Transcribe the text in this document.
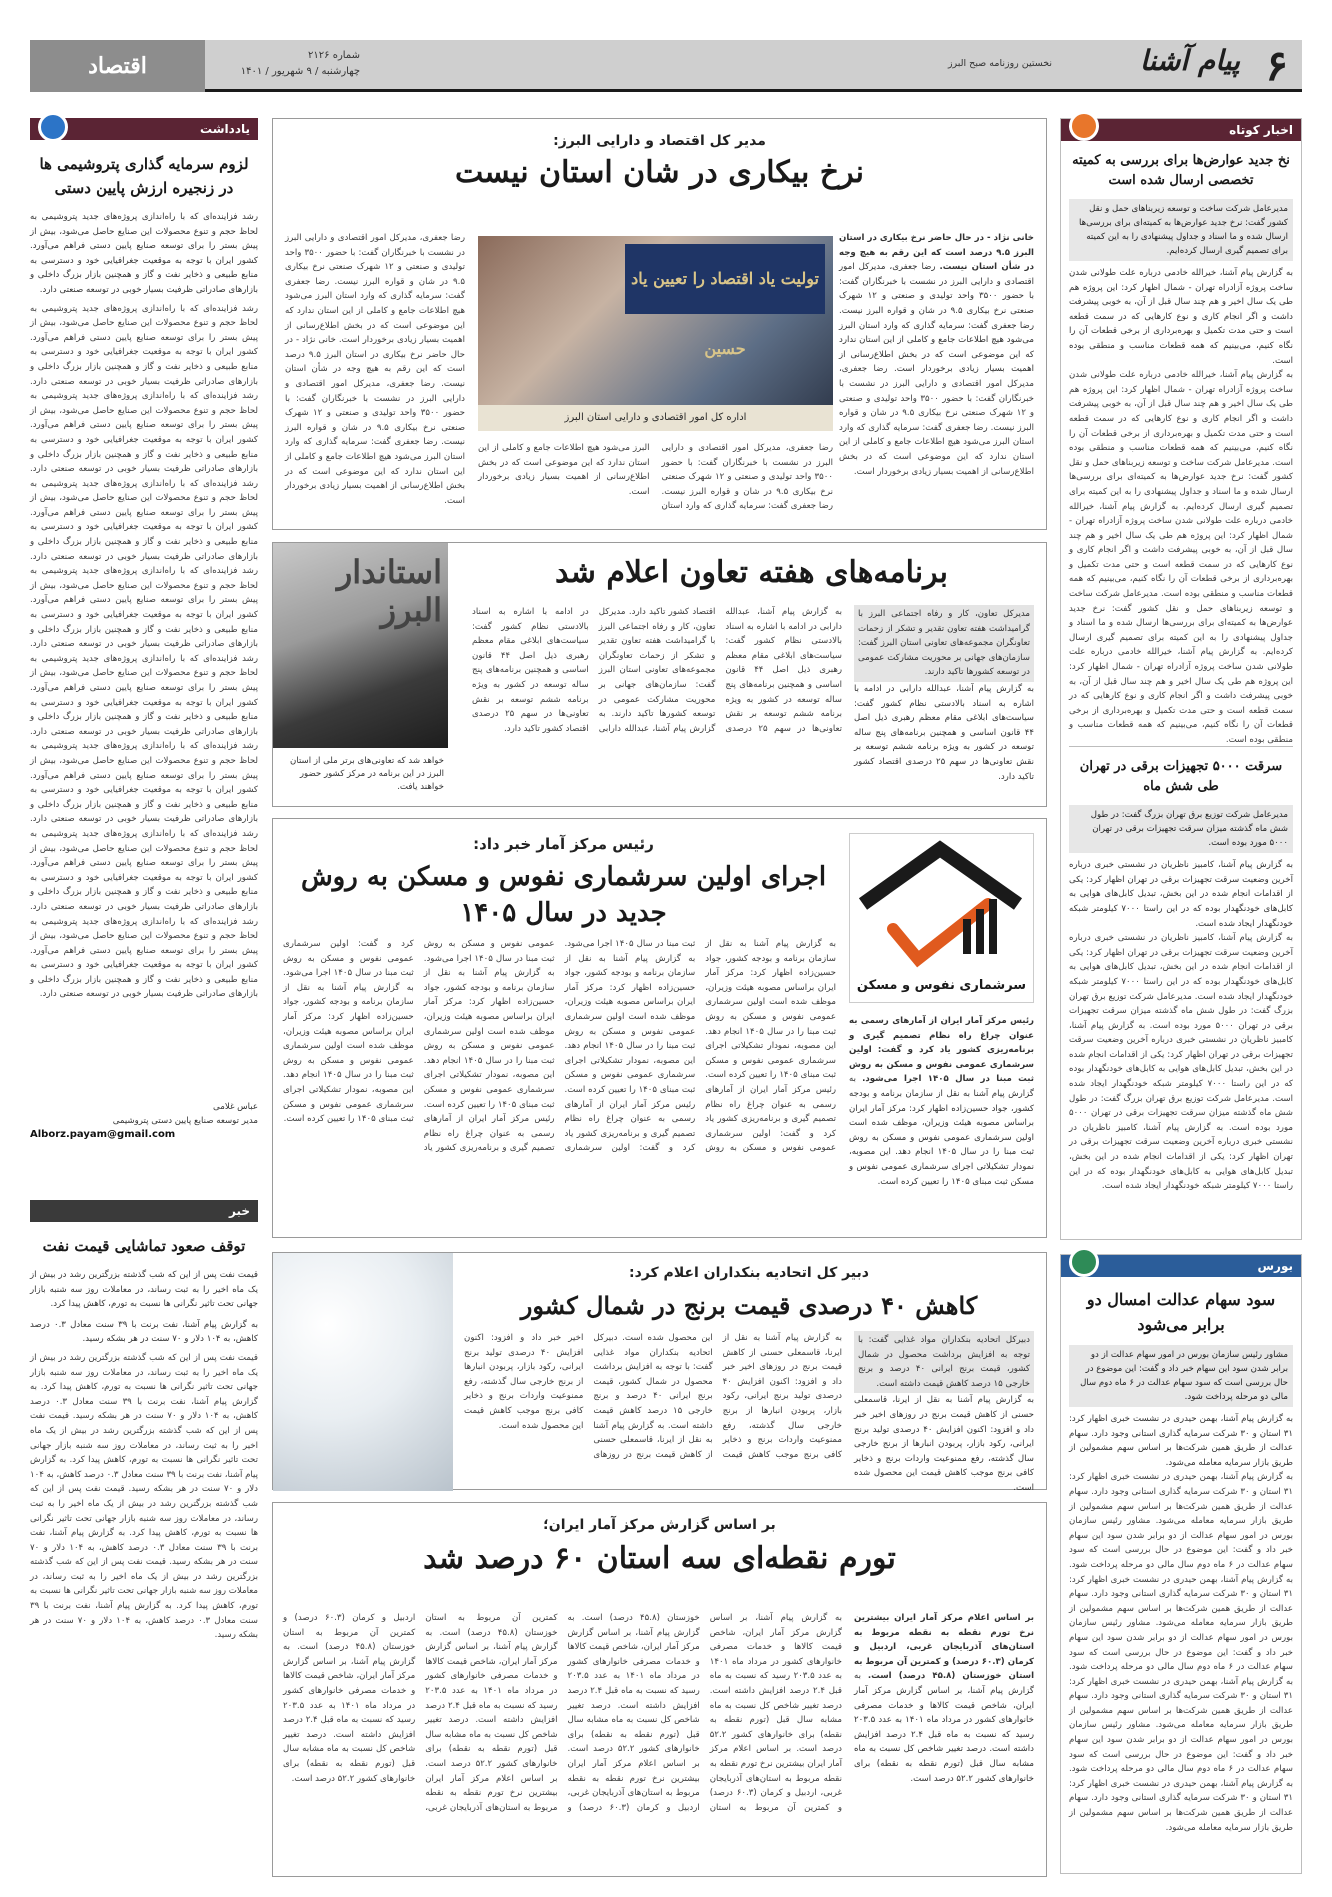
۶
پیام آشنا
نخستین روزنامه صبح البرز
شماره ۲۱۲۶
چهارشنبه / ۹ شهریور / ۱۴۰۱
اقتصاد
یادداشت
لزوم سرمایه گذاری پتروشیمی ها در زنجیره ارزش پایین دستی
رشد فزاینده‌ای که با راه‌اندازی پروژه‌های جدید پتروشیمی به لحاظ حجم و تنوع محصولات این صنایع حاصل می‌شود، بیش از پیش بستر را برای توسعه صنایع پایین دستی فراهم می‌آورد. کشور ایران با توجه به موقعیت جغرافیایی خود و دسترسی به منابع طبیعی و ذخایر نفت و گاز و همچنین بازار بزرگ داخلی و بازارهای صادراتی ظرفیت بسیار خوبی در توسعه صنعتی دارد.
رشد فزاینده‌ای که با راه‌اندازی پروژه‌های جدید پتروشیمی به لحاظ حجم و تنوع محصولات این صنایع حاصل می‌شود، بیش از پیش بستر را برای توسعه صنایع پایین دستی فراهم می‌آورد. کشور ایران با توجه به موقعیت جغرافیایی خود و دسترسی به منابع طبیعی و ذخایر نفت و گاز و همچنین بازار بزرگ داخلی و بازارهای صادراتی ظرفیت بسیار خوبی در توسعه صنعتی دارد. رشد فزاینده‌ای که با راه‌اندازی پروژه‌های جدید پتروشیمی به لحاظ حجم و تنوع محصولات این صنایع حاصل می‌شود، بیش از پیش بستر را برای توسعه صنایع پایین دستی فراهم می‌آورد. کشور ایران با توجه به موقعیت جغرافیایی خود و دسترسی به منابع طبیعی و ذخایر نفت و گاز و همچنین بازار بزرگ داخلی و بازارهای صادراتی ظرفیت بسیار خوبی در توسعه صنعتی دارد. رشد فزاینده‌ای که با راه‌اندازی پروژه‌های جدید پتروشیمی به لحاظ حجم و تنوع محصولات این صنایع حاصل می‌شود، بیش از پیش بستر را برای توسعه صنایع پایین دستی فراهم می‌آورد. کشور ایران با توجه به موقعیت جغرافیایی خود و دسترسی به منابع طبیعی و ذخایر نفت و گاز و همچنین بازار بزرگ داخلی و بازارهای صادراتی ظرفیت بسیار خوبی در توسعه صنعتی دارد. رشد فزاینده‌ای که با راه‌اندازی پروژه‌های جدید پتروشیمی به لحاظ حجم و تنوع محصولات این صنایع حاصل می‌شود، بیش از پیش بستر را برای توسعه صنایع پایین دستی فراهم می‌آورد. کشور ایران با توجه به موقعیت جغرافیایی خود و دسترسی به منابع طبیعی و ذخایر نفت و گاز و همچنین بازار بزرگ داخلی و بازارهای صادراتی ظرفیت بسیار خوبی در توسعه صنعتی دارد. رشد فزاینده‌ای که با راه‌اندازی پروژه‌های جدید پتروشیمی به لحاظ حجم و تنوع محصولات این صنایع حاصل می‌شود، بیش از پیش بستر را برای توسعه صنایع پایین دستی فراهم می‌آورد. کشور ایران با توجه به موقعیت جغرافیایی خود و دسترسی به منابع طبیعی و ذخایر نفت و گاز و همچنین بازار بزرگ داخلی و بازارهای صادراتی ظرفیت بسیار خوبی در توسعه صنعتی دارد. رشد فزاینده‌ای که با راه‌اندازی پروژه‌های جدید پتروشیمی به لحاظ حجم و تنوع محصولات این صنایع حاصل می‌شود، بیش از پیش بستر را برای توسعه صنایع پایین دستی فراهم می‌آورد. کشور ایران با توجه به موقعیت جغرافیایی خود و دسترسی به منابع طبیعی و ذخایر نفت و گاز و همچنین بازار بزرگ داخلی و بازارهای صادراتی ظرفیت بسیار خوبی در توسعه صنعتی دارد. رشد فزاینده‌ای که با راه‌اندازی پروژه‌های جدید پتروشیمی به لحاظ حجم و تنوع محصولات این صنایع حاصل می‌شود، بیش از پیش بستر را برای توسعه صنایع پایین دستی فراهم می‌آورد. کشور ایران با توجه به موقعیت جغرافیایی خود و دسترسی به منابع طبیعی و ذخایر نفت و گاز و همچنین بازار بزرگ داخلی و بازارهای صادراتی ظرفیت بسیار خوبی در توسعه صنعتی دارد. رشد فزاینده‌ای که با راه‌اندازی پروژه‌های جدید پتروشیمی به لحاظ حجم و تنوع محصولات این صنایع حاصل می‌شود، بیش از پیش بستر را برای توسعه صنایع پایین دستی فراهم می‌آورد. کشور ایران با توجه به موقعیت جغرافیایی خود و دسترسی به منابع طبیعی و ذخایر نفت و گاز و همچنین بازار بزرگ داخلی و بازارهای صادراتی ظرفیت بسیار خوبی در توسعه صنعتی دارد.
عباس غلامی
مدیر توسعه صنایع پایین دستی پتروشیمی
Alborz.payam@gmail.com
خبر
توقف صعود تماشایی قیمت نفت
قیمت نفت پس از این که شب گذشته بزرگترین رشد در بیش از یک ماه اخیر را به ثبت رساند، در معاملات روز سه شنبه بازار جهانی تحت تاثیر نگرانی ها نسبت به تورم، کاهش پیدا کرد.
به گزارش پیام آشنا، نفت برنت با ۳۹ سنت معادل ۰.۳ درصد کاهش، به ۱۰۴ دلار و ۷۰ سنت در هر بشکه رسید.
قیمت نفت پس از این که شب گذشته بزرگترین رشد در بیش از یک ماه اخیر را به ثبت رساند، در معاملات روز سه شنبه بازار جهانی تحت تاثیر نگرانی ها نسبت به تورم، کاهش پیدا کرد. به گزارش پیام آشنا، نفت برنت با ۳۹ سنت معادل ۰.۳ درصد کاهش، به ۱۰۴ دلار و ۷۰ سنت در هر بشکه رسید. قیمت نفت پس از این که شب گذشته بزرگترین رشد در بیش از یک ماه اخیر را به ثبت رساند، در معاملات روز سه شنبه بازار جهانی تحت تاثیر نگرانی ها نسبت به تورم، کاهش پیدا کرد. به گزارش پیام آشنا، نفت برنت با ۳۹ سنت معادل ۰.۳ درصد کاهش، به ۱۰۴ دلار و ۷۰ سنت در هر بشکه رسید. قیمت نفت پس از این که شب گذشته بزرگترین رشد در بیش از یک ماه اخیر را به ثبت رساند، در معاملات روز سه شنبه بازار جهانی تحت تاثیر نگرانی ها نسبت به تورم، کاهش پیدا کرد. به گزارش پیام آشنا، نفت برنت با ۳۹ سنت معادل ۰.۳ درصد کاهش، به ۱۰۴ دلار و ۷۰ سنت در هر بشکه رسید. قیمت نفت پس از این که شب گذشته بزرگترین رشد در بیش از یک ماه اخیر را به ثبت رساند، در معاملات روز سه شنبه بازار جهانی تحت تاثیر نگرانی ها نسبت به تورم، کاهش پیدا کرد. به گزارش پیام آشنا، نفت برنت با ۳۹ سنت معادل ۰.۳ درصد کاهش، به ۱۰۴ دلار و ۷۰ سنت در هر بشکه رسید.
اخبار کوتاه
نخ جدید عوارض‌ها برای بررسی به کمیته تخصصی ارسال شده است
مدیرعامل شرکت ساخت و توسعه زیربناهای حمل و نقل کشور گفت: نرخ جدید عوارض‌ها به کمیته‌ای برای بررسی‌ها ارسال شده و ما اسناد و جداول پیشنهادی را به این کمیته برای تصمیم گیری ارسال کرده‌ایم.
به گزارش پیام آشنا، خیرالله خادمی درباره علت طولانی شدن ساخت پروژه آزادراه تهران - شمال اظهار کرد: این پروژه هم طی یک سال اخیر و هم چند سال قبل از آن، به خوبی پیشرفت داشت و اگر انجام کاری و نوع کارهایی که در سمت قطعه است و حتی مدت تکمیل و بهره‌برداری از برخی قطعات آن را نگاه کنیم، می‌بینیم که همه قطعات مناسب و منطقی بوده است.
به گزارش پیام آشنا، خیرالله خادمی درباره علت طولانی شدن ساخت پروژه آزادراه تهران - شمال اظهار کرد: این پروژه هم طی یک سال اخیر و هم چند سال قبل از آن، به خوبی پیشرفت داشت و اگر انجام کاری و نوع کارهایی که در سمت قطعه است و حتی مدت تکمیل و بهره‌برداری از برخی قطعات آن را نگاه کنیم، می‌بینیم که همه قطعات مناسب و منطقی بوده است. مدیرعامل شرکت ساخت و توسعه زیربناهای حمل و نقل کشور گفت: نرخ جدید عوارض‌ها به کمیته‌ای برای بررسی‌ها ارسال شده و ما اسناد و جداول پیشنهادی را به این کمیته برای تصمیم گیری ارسال کرده‌ایم. به گزارش پیام آشنا، خیرالله خادمی درباره علت طولانی شدن ساخت پروژه آزادراه تهران - شمال اظهار کرد: این پروژه هم طی یک سال اخیر و هم چند سال قبل از آن، به خوبی پیشرفت داشت و اگر انجام کاری و نوع کارهایی که در سمت قطعه است و حتی مدت تکمیل و بهره‌برداری از برخی قطعات آن را نگاه کنیم، می‌بینیم که همه قطعات مناسب و منطقی بوده است. مدیرعامل شرکت ساخت و توسعه زیربناهای حمل و نقل کشور گفت: نرخ جدید عوارض‌ها به کمیته‌ای برای بررسی‌ها ارسال شده و ما اسناد و جداول پیشنهادی را به این کمیته برای تصمیم گیری ارسال کرده‌ایم. به گزارش پیام آشنا، خیرالله خادمی درباره علت طولانی شدن ساخت پروژه آزادراه تهران - شمال اظهار کرد: این پروژه هم طی یک سال اخیر و هم چند سال قبل از آن، به خوبی پیشرفت داشت و اگر انجام کاری و نوع کارهایی که در سمت قطعه است و حتی مدت تکمیل و بهره‌برداری از برخی قطعات آن را نگاه کنیم، می‌بینیم که همه قطعات مناسب و منطقی بوده است.
سرقت ۵۰۰۰ تجهیزات برقی در تهران طی شش ماه
مدیرعامل شرکت توزیع برق تهران بزرگ گفت: در طول شش ماه گذشته میزان سرقت تجهیزات برقی در تهران ۵۰۰۰ مورد بوده است.
به گزارش پیام آشنا، کامبیز ناظریان در نشستی خبری درباره آخرین وضعیت سرقت تجهیزات برقی در تهران اظهار کرد: یکی از اقدامات انجام شده در این بخش، تبدیل کابل‌های هوایی به کابل‌های خودنگهدار بوده که در این راستا ۷۰۰۰ کیلومتر شبکه خودنگهدار ایجاد شده است.
به گزارش پیام آشنا، کامبیز ناظریان در نشستی خبری درباره آخرین وضعیت سرقت تجهیزات برقی در تهران اظهار کرد: یکی از اقدامات انجام شده در این بخش، تبدیل کابل‌های هوایی به کابل‌های خودنگهدار بوده که در این راستا ۷۰۰۰ کیلومتر شبکه خودنگهدار ایجاد شده است. مدیرعامل شرکت توزیع برق تهران بزرگ گفت: در طول شش ماه گذشته میزان سرقت تجهیزات برقی در تهران ۵۰۰۰ مورد بوده است. به گزارش پیام آشنا، کامبیز ناظریان در نشستی خبری درباره آخرین وضعیت سرقت تجهیزات برقی در تهران اظهار کرد: یکی از اقدامات انجام شده در این بخش، تبدیل کابل‌های هوایی به کابل‌های خودنگهدار بوده که در این راستا ۷۰۰۰ کیلومتر شبکه خودنگهدار ایجاد شده است. مدیرعامل شرکت توزیع برق تهران بزرگ گفت: در طول شش ماه گذشته میزان سرقت تجهیزات برقی در تهران ۵۰۰۰ مورد بوده است. به گزارش پیام آشنا، کامبیز ناظریان در نشستی خبری درباره آخرین وضعیت سرقت تجهیزات برقی در تهران اظهار کرد: یکی از اقدامات انجام شده در این بخش، تبدیل کابل‌های هوایی به کابل‌های خودنگهدار بوده که در این راستا ۷۰۰۰ کیلومتر شبکه خودنگهدار ایجاد شده است.
بورس
سود سهام عدالت امسال دو برابر می‌شود
مشاور رئیس سازمان بورس در امور سهام عدالت از دو برابر شدن سود این سهام خبر داد و گفت: این موضوع در حال بررسی است که سود سهام عدالت در ۶ ماه دوم سال مالی دو مرحله پرداخت شود.
به گزارش پیام آشنا، بهمن حیدری در نشست خبری اظهار کرد: ۳۱ استان و ۳۰ شرکت سرمایه گذاری استانی وجود دارد. سهام عدالت از طریق همین شرکت‌ها بر اساس سهم مشمولین از طریق بازار سرمایه معامله می‌شود.
به گزارش پیام آشنا، بهمن حیدری در نشست خبری اظهار کرد: ۳۱ استان و ۳۰ شرکت سرمایه گذاری استانی وجود دارد. سهام عدالت از طریق همین شرکت‌ها بر اساس سهم مشمولین از طریق بازار سرمایه معامله می‌شود. مشاور رئیس سازمان بورس در امور سهام عدالت از دو برابر شدن سود این سهام خبر داد و گفت: این موضوع در حال بررسی است که سود سهام عدالت در ۶ ماه دوم سال مالی دو مرحله پرداخت شود. به گزارش پیام آشنا، بهمن حیدری در نشست خبری اظهار کرد: ۳۱ استان و ۳۰ شرکت سرمایه گذاری استانی وجود دارد. سهام عدالت از طریق همین شرکت‌ها بر اساس سهم مشمولین از طریق بازار سرمایه معامله می‌شود. مشاور رئیس سازمان بورس در امور سهام عدالت از دو برابر شدن سود این سهام خبر داد و گفت: این موضوع در حال بررسی است که سود سهام عدالت در ۶ ماه دوم سال مالی دو مرحله پرداخت شود. به گزارش پیام آشنا، بهمن حیدری در نشست خبری اظهار کرد: ۳۱ استان و ۳۰ شرکت سرمایه گذاری استانی وجود دارد. سهام عدالت از طریق همین شرکت‌ها بر اساس سهم مشمولین از طریق بازار سرمایه معامله می‌شود. مشاور رئیس سازمان بورس در امور سهام عدالت از دو برابر شدن سود این سهام خبر داد و گفت: این موضوع در حال بررسی است که سود سهام عدالت در ۶ ماه دوم سال مالی دو مرحله پرداخت شود. به گزارش پیام آشنا، بهمن حیدری در نشست خبری اظهار کرد: ۳۱ استان و ۳۰ شرکت سرمایه گذاری استانی وجود دارد. سهام عدالت از طریق همین شرکت‌ها بر اساس سهم مشمولین از طریق بازار سرمایه معامله می‌شود.
مدیر کل اقتصاد و دارایی البرز:
نرخ بیکاری در شان استان نیست
خانی نژاد - در حال حاضر نرخ بیکاری در استان البرز ۹.۵ درصد است که این رقم به هیچ وجه در شأن استان نیست. رضا جعفری، مدیرکل امور اقتصادی و دارایی البرز در نشست با خبرنگاران گفت: با حضور ۳۵۰۰ واحد تولیدی و صنعتی و ۱۲ شهرک صنعتی نرخ بیکاری ۹.۵ در شان و قواره البرز نیست. رضا جعفری گفت: سرمایه گذاری که وارد استان البرز می‌شود هیچ اطلاعات جامع و کاملی از این استان ندارد که این موضوعی است که در بخش اطلاع‌رسانی از اهمیت بسیار زیادی برخوردار است. رضا جعفری، مدیرکل امور اقتصادی و دارایی البرز در نشست با خبرنگاران گفت: با حضور ۳۵۰۰ واحد تولیدی و صنعتی و ۱۲ شهرک صنعتی نرخ بیکاری ۹.۵ در شان و قواره البرز نیست. رضا جعفری گفت: سرمایه گذاری که وارد استان البرز می‌شود هیچ اطلاعات جامع و کاملی از این استان ندارد که این موضوعی است که در بخش اطلاع‌رسانی از اهمیت بسیار زیادی برخوردار است.
تولیت یاد اقتصاد را تعیین یاد حسین
اداره کل امور اقتصادی و دارایی استان البرز
رضا جعفری، مدیرکل امور اقتصادی و دارایی البرز در نشست با خبرنگاران گفت: با حضور ۳۵۰۰ واحد تولیدی و صنعتی و ۱۲ شهرک صنعتی نرخ بیکاری ۹.۵ در شان و قواره البرز نیست. رضا جعفری گفت: سرمایه گذاری که وارد استان البرز می‌شود هیچ اطلاعات جامع و کاملی از این استان ندارد که این موضوعی است که در بخش اطلاع‌رسانی از اهمیت بسیار زیادی برخوردار است.
رضا جعفری، مدیرکل امور اقتصادی و دارایی البرز در نشست با خبرنگاران گفت: با حضور ۳۵۰۰ واحد تولیدی و صنعتی و ۱۲ شهرک صنعتی نرخ بیکاری ۹.۵ در شان و قواره البرز نیست. رضا جعفری گفت: سرمایه گذاری که وارد استان البرز می‌شود هیچ اطلاعات جامع و کاملی از این استان ندارد که این موضوعی است که در بخش اطلاع‌رسانی از اهمیت بسیار زیادی برخوردار است. خانی نژاد - در حال حاضر نرخ بیکاری در استان البرز ۹.۵ درصد است که این رقم به هیچ وجه در شأن استان نیست. رضا جعفری، مدیرکل امور اقتصادی و دارایی البرز در نشست با خبرنگاران گفت: با حضور ۳۵۰۰ واحد تولیدی و صنعتی و ۱۲ شهرک صنعتی نرخ بیکاری ۹.۵ در شان و قواره البرز نیست. رضا جعفری گفت: سرمایه گذاری که وارد استان البرز می‌شود هیچ اطلاعات جامع و کاملی از این استان ندارد که این موضوعی است که در بخش اطلاع‌رسانی از اهمیت بسیار زیادی برخوردار است.
برنامه‌های هفته تعاون اعلام شد
مدیرکل تعاون، کار و رفاه اجتماعی البرز با گرامیداشت هفته تعاون تقدیر و تشکر از زحمات تعاونگران مجموعه‌های تعاونی استان البرز گفت: سازمان‌های جهانی بر محوریت مشارکت عمومی در توسعه کشورها تاکید دارند.
به گزارش پیام آشنا، عبدالله دارابی در ادامه با اشاره به اسناد بالادستی نظام کشور گفت: سیاست‌های ابلاغی مقام معظم رهبری ذیل اصل ۴۴ قانون اساسی و همچنین برنامه‌های پنج ساله توسعه در کشور به ویژه برنامه ششم توسعه بر نقش تعاونی‌ها در سهم ۲۵ درصدی اقتصاد کشور تاکید دارد.
به گزارش پیام آشنا، عبدالله دارابی در ادامه با اشاره به اسناد بالادستی نظام کشور گفت: سیاست‌های ابلاغی مقام معظم رهبری ذیل اصل ۴۴ قانون اساسی و همچنین برنامه‌های پنج ساله توسعه در کشور به ویژه برنامه ششم توسعه بر نقش تعاونی‌ها در سهم ۲۵ درصدی اقتصاد کشور تاکید دارد. مدیرکل تعاون، کار و رفاه اجتماعی البرز با گرامیداشت هفته تعاون تقدیر و تشکر از زحمات تعاونگران مجموعه‌های تعاونی استان البرز گفت: سازمان‌های جهانی بر محوریت مشارکت عمومی در توسعه کشورها تاکید دارند. به گزارش پیام آشنا، عبدالله دارابی در ادامه با اشاره به اسناد بالادستی نظام کشور گفت: سیاست‌های ابلاغی مقام معظم رهبری ذیل اصل ۴۴ قانون اساسی و همچنین برنامه‌های پنج ساله توسعه در کشور به ویژه برنامه ششم توسعه بر نقش تعاونی‌ها در سهم ۲۵ درصدی اقتصاد کشور تاکید دارد.
استاندار البرز
خواهد شد که تعاونی‌های برتر ملی از استان البرز در این برنامه در مرکز کشور حضور خواهند یافت.
رئیس مرکز آمار خبر داد:
اجرای اولین سرشماری نفوس و مسکن به روش جدید در سال ۱۴۰۵
سرشماری نفوس و مسکن
رئیس مرکز آمار ایران از آمارهای رسمی به عنوان چراغ راه نظام تصمیم گیری و برنامه‌ریزی کشور یاد کرد و گفت: اولین سرشماری عمومی نفوس و مسکن به روش ثبت مبنا در سال ۱۴۰۵ اجرا می‌شود. به گزارش پیام آشنا به نقل از سازمان برنامه و بودجه کشور، جواد حسین‌زاده اظهار کرد: مرکز آمار ایران براساس مصوبه هیئت وزیران، موظف شده است اولین سرشماری عمومی نفوس و مسکن به روش ثبت مبنا را در سال ۱۴۰۵ انجام دهد. این مصوبه، نمودار تشکیلاتی اجرای سرشماری عمومی نفوس و مسکن ثبت مبنای ۱۴۰۵ را تعیین کرده است.
به گزارش پیام آشنا به نقل از سازمان برنامه و بودجه کشور، جواد حسین‌زاده اظهار کرد: مرکز آمار ایران براساس مصوبه هیئت وزیران، موظف شده است اولین سرشماری عمومی نفوس و مسکن به روش ثبت مبنا را در سال ۱۴۰۵ انجام دهد. این مصوبه، نمودار تشکیلاتی اجرای سرشماری عمومی نفوس و مسکن ثبت مبنای ۱۴۰۵ را تعیین کرده است. رئیس مرکز آمار ایران از آمارهای رسمی به عنوان چراغ راه نظام تصمیم گیری و برنامه‌ریزی کشور یاد کرد و گفت: اولین سرشماری عمومی نفوس و مسکن به روش ثبت مبنا در سال ۱۴۰۵ اجرا می‌شود. به گزارش پیام آشنا به نقل از سازمان برنامه و بودجه کشور، جواد حسین‌زاده اظهار کرد: مرکز آمار ایران براساس مصوبه هیئت وزیران، موظف شده است اولین سرشماری عمومی نفوس و مسکن به روش ثبت مبنا را در سال ۱۴۰۵ انجام دهد. این مصوبه، نمودار تشکیلاتی اجرای سرشماری عمومی نفوس و مسکن ثبت مبنای ۱۴۰۵ را تعیین کرده است. رئیس مرکز آمار ایران از آمارهای رسمی به عنوان چراغ راه نظام تصمیم گیری و برنامه‌ریزی کشور یاد کرد و گفت: اولین سرشماری عمومی نفوس و مسکن به روش ثبت مبنا در سال ۱۴۰۵ اجرا می‌شود. به گزارش پیام آشنا به نقل از سازمان برنامه و بودجه کشور، جواد حسین‌زاده اظهار کرد: مرکز آمار ایران براساس مصوبه هیئت وزیران، موظف شده است اولین سرشماری عمومی نفوس و مسکن به روش ثبت مبنا را در سال ۱۴۰۵ انجام دهد. این مصوبه، نمودار تشکیلاتی اجرای سرشماری عمومی نفوس و مسکن ثبت مبنای ۱۴۰۵ را تعیین کرده است. رئیس مرکز آمار ایران از آمارهای رسمی به عنوان چراغ راه نظام تصمیم گیری و برنامه‌ریزی کشور یاد کرد و گفت: اولین سرشماری عمومی نفوس و مسکن به روش ثبت مبنا در سال ۱۴۰۵ اجرا می‌شود. به گزارش پیام آشنا به نقل از سازمان برنامه و بودجه کشور، جواد حسین‌زاده اظهار کرد: مرکز آمار ایران براساس مصوبه هیئت وزیران، موظف شده است اولین سرشماری عمومی نفوس و مسکن به روش ثبت مبنا را در سال ۱۴۰۵ انجام دهد. این مصوبه، نمودار تشکیلاتی اجرای سرشماری عمومی نفوس و مسکن ثبت مبنای ۱۴۰۵ را تعیین کرده است.
دبیر کل اتحادیه بنکداران اعلام کرد:
کاهش ۴۰ درصدی قیمت برنج در شمال کشور
دبیرکل اتحادیه بنکداران مواد غذایی گفت: با توجه به افزایش برداشت محصول در شمال کشور، قیمت برنج ایرانی ۴۰ درصد و برنج خارجی ۱۵ درصد کاهش قیمت داشته است.
به گزارش پیام آشنا به نقل از ایرنا، قاسمعلی حسنی از کاهش قیمت برنج در روزهای اخیر خبر داد و افزود: اکنون افزایش ۴۰ درصدی تولید برنج ایرانی، رکود بازار، پربودن انبارها از برنج خارجی سال گذشته، رفع ممنوعیت واردات برنج و ذخایر کافی برنج موجب کاهش قیمت این محصول شده است.
به گزارش پیام آشنا به نقل از ایرنا، قاسمعلی حسنی از کاهش قیمت برنج در روزهای اخیر خبر داد و افزود: اکنون افزایش ۴۰ درصدی تولید برنج ایرانی، رکود بازار، پربودن انبارها از برنج خارجی سال گذشته، رفع ممنوعیت واردات برنج و ذخایر کافی برنج موجب کاهش قیمت این محصول شده است. دبیرکل اتحادیه بنکداران مواد غذایی گفت: با توجه به افزایش برداشت محصول در شمال کشور، قیمت برنج ایرانی ۴۰ درصد و برنج خارجی ۱۵ درصد کاهش قیمت داشته است. به گزارش پیام آشنا به نقل از ایرنا، قاسمعلی حسنی از کاهش قیمت برنج در روزهای اخیر خبر داد و افزود: اکنون افزایش ۴۰ درصدی تولید برنج ایرانی، رکود بازار، پربودن انبارها از برنج خارجی سال گذشته، رفع ممنوعیت واردات برنج و ذخایر کافی برنج موجب کاهش قیمت این محصول شده است.
بر اساس گزارش مرکز آمار ایران؛
تورم نقطه‌ای سه استان ۶۰ درصد شد
بر اساس اعلام مرکز آمار ایران بیشترین نرخ تورم نقطه به نقطه مربوط به استان‌های آذربایجان غربی، اردبیل و کرمان (۶۰.۳ درصد) و کمترین آن مربوط به استان خوزستان (۴۵.۸ درصد) است. به گزارش پیام آشنا، بر اساس گزارش مرکز آمار ایران، شاخص قیمت کالاها و خدمات مصرفی خانوارهای کشور در مرداد ماه ۱۴۰۱ به عدد ۲۰۳.۵ رسید که نسبت به ماه قبل ۲.۴ درصد افزایش داشته است. درصد تغییر شاخص کل نسبت به ماه مشابه سال قبل (تورم نقطه به نقطه) برای خانوارهای کشور ۵۲.۲ درصد است.
به گزارش پیام آشنا، بر اساس گزارش مرکز آمار ایران، شاخص قیمت کالاها و خدمات مصرفی خانوارهای کشور در مرداد ماه ۱۴۰۱ به عدد ۲۰۳.۵ رسید که نسبت به ماه قبل ۲.۴ درصد افزایش داشته است. درصد تغییر شاخص کل نسبت به ماه مشابه سال قبل (تورم نقطه به نقطه) برای خانوارهای کشور ۵۲.۲ درصد است. بر اساس اعلام مرکز آمار ایران بیشترین نرخ تورم نقطه به نقطه مربوط به استان‌های آذربایجان غربی، اردبیل و کرمان (۶۰.۳ درصد) و کمترین آن مربوط به استان خوزستان (۴۵.۸ درصد) است. به گزارش پیام آشنا، بر اساس گزارش مرکز آمار ایران، شاخص قیمت کالاها و خدمات مصرفی خانوارهای کشور در مرداد ماه ۱۴۰۱ به عدد ۲۰۳.۵ رسید که نسبت به ماه قبل ۲.۴ درصد افزایش داشته است. درصد تغییر شاخص کل نسبت به ماه مشابه سال قبل (تورم نقطه به نقطه) برای خانوارهای کشور ۵۲.۲ درصد است. بر اساس اعلام مرکز آمار ایران بیشترین نرخ تورم نقطه به نقطه مربوط به استان‌های آذربایجان غربی، اردبیل و کرمان (۶۰.۳ درصد) و کمترین آن مربوط به استان خوزستان (۴۵.۸ درصد) است. به گزارش پیام آشنا، بر اساس گزارش مرکز آمار ایران، شاخص قیمت کالاها و خدمات مصرفی خانوارهای کشور در مرداد ماه ۱۴۰۱ به عدد ۲۰۳.۵ رسید که نسبت به ماه قبل ۲.۴ درصد افزایش داشته است. درصد تغییر شاخص کل نسبت به ماه مشابه سال قبل (تورم نقطه به نقطه) برای خانوارهای کشور ۵۲.۲ درصد است. بر اساس اعلام مرکز آمار ایران بیشترین نرخ تورم نقطه به نقطه مربوط به استان‌های آذربایجان غربی، اردبیل و کرمان (۶۰.۳ درصد) و کمترین آن مربوط به استان خوزستان (۴۵.۸ درصد) است. به گزارش پیام آشنا، بر اساس گزارش مرکز آمار ایران، شاخص قیمت کالاها و خدمات مصرفی خانوارهای کشور در مرداد ماه ۱۴۰۱ به عدد ۲۰۳.۵ رسید که نسبت به ماه قبل ۲.۴ درصد افزایش داشته است. درصد تغییر شاخص کل نسبت به ماه مشابه سال قبل (تورم نقطه به نقطه) برای خانوارهای کشور ۵۲.۲ درصد است.
